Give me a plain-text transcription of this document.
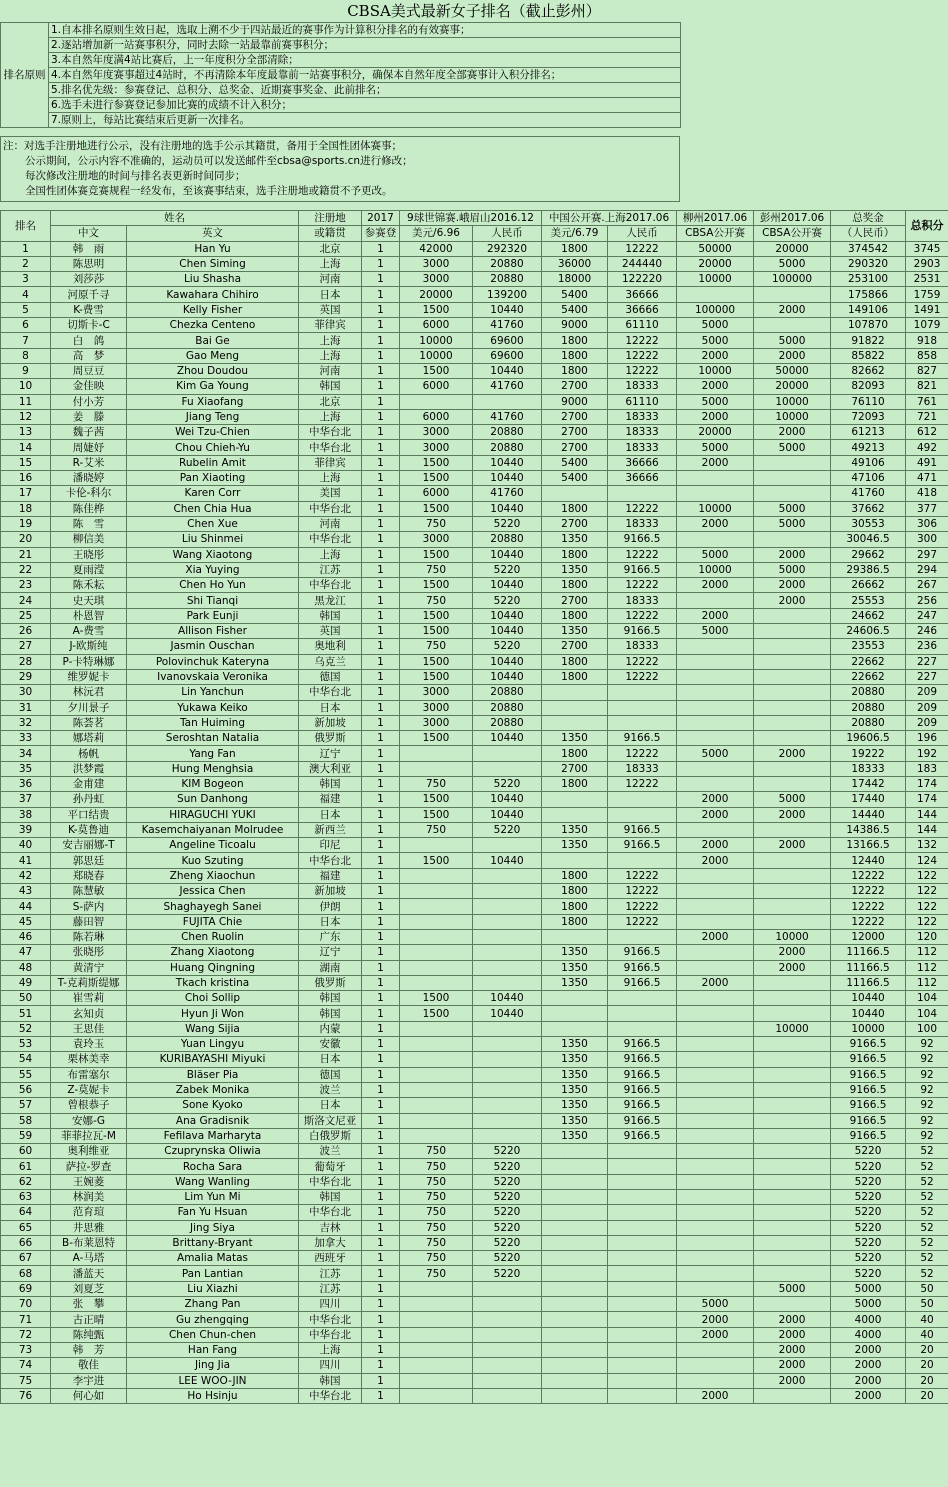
CBSA美式最新女子排名（截止彭州）
排名原则	1.自本排名原则生效日起，选取上溯不少于四站最近的赛事作为计算积分排名的有效赛事；
2.逐站增加新一站赛事积分，同时去除一站最靠前赛事积分；
3.本自然年度满4站比赛后，上一年度积分全部清除；
4.本自然年度赛事超过4站时，不再清除本年度最靠前一站赛事积分，确保本自然年度全部赛事计入积分排名；
5.排名优先级：参赛登记、总积分、总奖金、近期赛事奖金、此前排名；
6.选手未进行参赛登记参加比赛的成绩不计入积分；
7.原则上，每站比赛结束后更新一次排名。
注：对选手注册地进行公示，没有注册地的选手公示其籍贯，备用于全国性团体赛事；
公示期间，公示内容不准确的，运动员可以发送邮件至cbsa@sports.cn进行修改；
每次修改注册地的时间与排名表更新时间同步；
全国性团体赛竞赛规程一经发布，至该赛事结束，选手注册地或籍贯不予更改。
排名	姓名		注册地	2017	9球世锦赛.峨眉山2016.12		中国公开赛.上海2017.06		柳州2017.06	彭州2017.06	总奖金	总积分
	中文	英文	或籍贯	参赛登	美元/6.96	人民币	美元/6.79	人民币	CBSA公开赛	CBSA公开赛	（人民币）	
1	韩　雨	Han Yu	北京	1	42000	292320	1800	12222	50000	20000	374542	3745
2	陈思明	Chen Siming	上海	1	3000	20880	36000	244440	20000	5000	290320	2903
3	刘莎莎	Liu Shasha	河南	1	3000	20880	18000	122220	10000	100000	253100	2531
4	河原千寻	Kawahara Chihiro	日本	1	20000	139200	5400	36666			175866	1759
5	K-费雪	Kelly Fisher	英国	1	1500	10440	5400	36666	100000	2000	149106	1491
6	切斯卡-C	Chezka Centeno	菲律宾	1	6000	41760	9000	61110	5000		107870	1079
7	白　鸽	Bai Ge	上海	1	10000	69600	1800	12222	5000	5000	91822	918
8	高　梦	Gao Meng	上海	1	10000	69600	1800	12222	2000	2000	85822	858
9	周豆豆	Zhou Doudou	河南	1	1500	10440	1800	12222	10000	50000	82662	827
10	金佳映	Kim Ga Young	韩国	1	6000	41760	2700	18333	2000	20000	82093	821
11	付小芳	Fu Xiaofang	北京	1			9000	61110	5000	10000	76110	761
12	姜　滕	Jiang Teng	上海	1	6000	41760	2700	18333	2000	10000	72093	721
13	魏子茜	Wei Tzu-Chien	中华台北	1	3000	20880	2700	18333	20000	2000	61213	612
14	周婕妤	Chou Chieh-Yu	中华台北	1	3000	20880	2700	18333	5000	5000	49213	492
15	R-艾米	Rubelin Amit	菲律宾	1	1500	10440	5400	36666	2000		49106	491
16	潘晓婷	Pan Xiaoting	上海	1	1500	10440	5400	36666			47106	471
17	卡伦-科尔	Karen Corr	美国	1	6000	41760					41760	418
18	陈佳桦	Chen Chia Hua	中华台北	1	1500	10440	1800	12222	10000	5000	37662	377
19	陈　雪	Chen Xue	河南	1	750	5220	2700	18333	2000	5000	30553	306
20	柳信美	Liu Shinmei	中华台北	1	3000	20880	1350	9166.5			30046.5	300
21	王晓彤	Wang Xiaotong	上海	1	1500	10440	1800	12222	5000	2000	29662	297
22	夏雨滢	Xia Yuying	江苏	1	750	5220	1350	9166.5	10000	5000	29386.5	294
23	陈禾耘	Chen Ho Yun	中华台北	1	1500	10440	1800	12222	2000	2000	26662	267
24	史天琪	Shi Tianqi	黑龙江	1	750	5220	2700	18333		2000	25553	256
25	朴恩智	Park Eunji	韩国	1	1500	10440	1800	12222	2000		24662	247
26	A-费雪	Allison Fisher	英国	1	1500	10440	1350	9166.5	5000		24606.5	246
27	J-欧斯纯	Jasmin Ouschan	奥地利	1	750	5220	2700	18333			23553	236
28	P-卡特琳娜	Polovinchuk Kateryna	乌克兰	1	1500	10440	1800	12222			22662	227
29	维罗妮卡	Ivanovskaia Veronika	德国	1	1500	10440	1800	12222			22662	227
30	林沅君	Lin Yanchun	中华台北	1	3000	20880					20880	209
31	夕川景子	Yukawa Keiko	日本	1	3000	20880					20880	209
32	陈荟茗	Tan Huiming	新加坡	1	3000	20880					20880	209
33	娜塔莉	Seroshtan Natalia	俄罗斯	1	1500	10440	1350	9166.5			19606.5	196
34	杨帆	Yang Fan	辽宁	1			1800	12222	5000	2000	19222	192
35	洪梦霞	Hung Menghsia	澳大利亚	1			2700	18333			18333	183
36	金甫建	KIM Bogeon	韩国	1	750	5220	1800	12222			17442	174
37	孙丹虹	Sun Danhong	福建	1	1500	10440			2000	5000	17440	174
38	平口结贵	HIRAGUCHI YUKI	日本	1	1500	10440			2000	2000	14440	144
39	K-莫鲁迪	Kasemchaiyanan Molrudee	新西兰	1	750	5220	1350	9166.5			14386.5	144
40	安吉丽娜-T	Angeline Ticoalu	印尼	1			1350	9166.5	2000	2000	13166.5	132
41	郭思廷	Kuo Szuting	中华台北	1	1500	10440			2000		12440	124
42	郑晓春	Zheng Xiaochun	福建	1			1800	12222			12222	122
43	陈慧敏	Jessica Chen	新加坡	1			1800	12222			12222	122
44	S-萨内	Shaghayegh Sanei	伊朗	1			1800	12222			12222	122
45	藤田智	FUJITA Chie	日本	1			1800	12222			12222	122
46	陈若琳	Chen Ruolin	广东	1					2000	10000	12000	120
47	张晓彤	Zhang Xiaotong	辽宁	1			1350	9166.5		2000	11166.5	112
48	黄清宁	Huang Qingning	湖南	1			1350	9166.5		2000	11166.5	112
49	T-克莉斯缇娜	Tkach kristina	俄罗斯	1			1350	9166.5	2000		11166.5	112
50	崔雪莉	Choi Sollip	韩国	1	1500	10440					10440	104
51	玄知贞	Hyun Ji Won	韩国	1	1500	10440					10440	104
52	王思佳	Wang Sijia	内蒙	1						10000	10000	100
53	袁玲玉	Yuan Lingyu	安徽	1			1350	9166.5			9166.5	92
54	栗林美幸	KURIBAYASHI Miyuki	日本	1			1350	9166.5			9166.5	92
55	布雷塞尔	Bläser Pia	德国	1			1350	9166.5			9166.5	92
56	Z-莫妮卡	Zabek Monika	波兰	1			1350	9166.5			9166.5	92
57	曾根恭子	Sone Kyoko	日本	1			1350	9166.5			9166.5	92
58	安娜-G	Ana Gradisnik	斯洛文尼亚	1			1350	9166.5			9166.5	92
59	菲菲拉瓦-M	Fefilava Marharyta	白俄罗斯	1			1350	9166.5			9166.5	92
60	奥利维亚	Czuprynska Oliwia	波兰	1	750	5220					5220	52
61	萨拉-罗查	Rocha Sara	葡萄牙	1	750	5220					5220	52
62	王婉菱	Wang Wanling	中华台北	1	750	5220					5220	52
63	林润美	Lim Yun Mi	韩国	1	750	5220					5220	52
64	范育瑄	Fan Yu Hsuan	中华台北	1	750	5220					5220	52
65	井思雅	Jing Siya	吉林	1	750	5220					5220	52
66	B-布莱恩特	Brittany-Bryant	加拿大	1	750	5220					5220	52
67	A-马塔	Amalia Matas	西班牙	1	750	5220					5220	52
68	潘蓝天	Pan Lantian	江苏	1	750	5220					5220	52
69	刘夏芝	Liu Xiazhi	江苏	1						5000	5000	50
70	张　攀	Zhang Pan	四川	1					5000		5000	50
71	古正晴	Gu zhengqing	中华台北	1					2000	2000	4000	40
72	陈纯甄	Chen Chun-chen	中华台北	1					2000	2000	4000	40
73	韩　芳	Han Fang	上海	1						2000	2000	20
74	敬佳	Jing Jia	四川	1						2000	2000	20
75	李宇进	LEE WOO-JIN	韩国	1						2000	2000	20
76	何心如	Ho Hsinju	中华台北	1					2000		2000	20
